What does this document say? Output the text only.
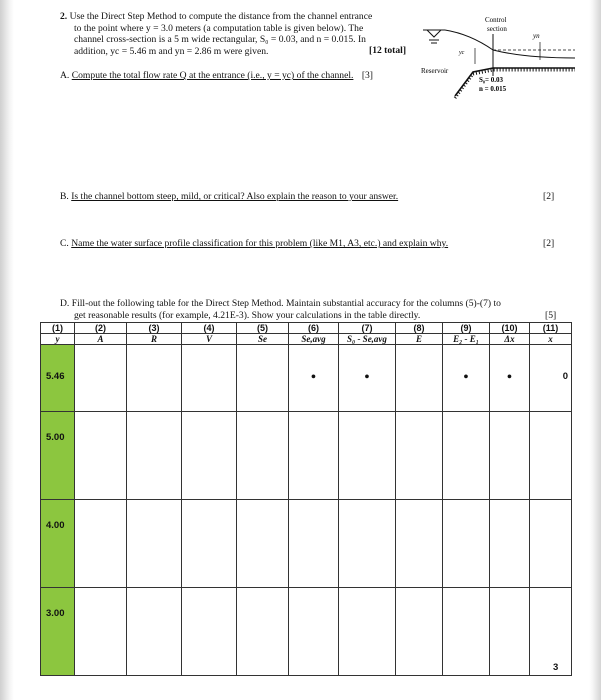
2. Use the Direct Step Method to compute the distance from the channel entrance
to the point where y = 3.0 meters (a computation table is given below). The
channel cross-section is a 5 m wide rectangular, S₀ = 0.03, and n = 0.015. In
addition, yc = 5.46 m and yn = 2.86 m were given.	[12 total]
Control
section
yn
yc
Reservoir
S₀= 0.03
n = 0.015
A. Compute the total flow rate Q at the entrance (i.e., y = yc) of the channel. [3]
B. Is the channel bottom steep, mild, or critical? Also explain the reason to your answer.	[2]
C. Name the water surface profile classification for this problem (like M1, A3, etc.) and explain why.	[2]
D. Fill-out the following table for the Direct Step Method. Maintain substantial accuracy for the columns (5)-(7) to
get reasonable results (for example, 4.21E-3). Show your calculations in the table directly.	[5]
(1)	(2)	(3)	(4)	(5)	(6)	(7)	(8)	(9)	(10)	(11)
y	A	R	V	Se	Se,avg	S₀ - Se,avg	E	E₂ - E₁	Δx	x

5.46					•	•		•	•	0

5.00										

4.00										

3.00										

3
